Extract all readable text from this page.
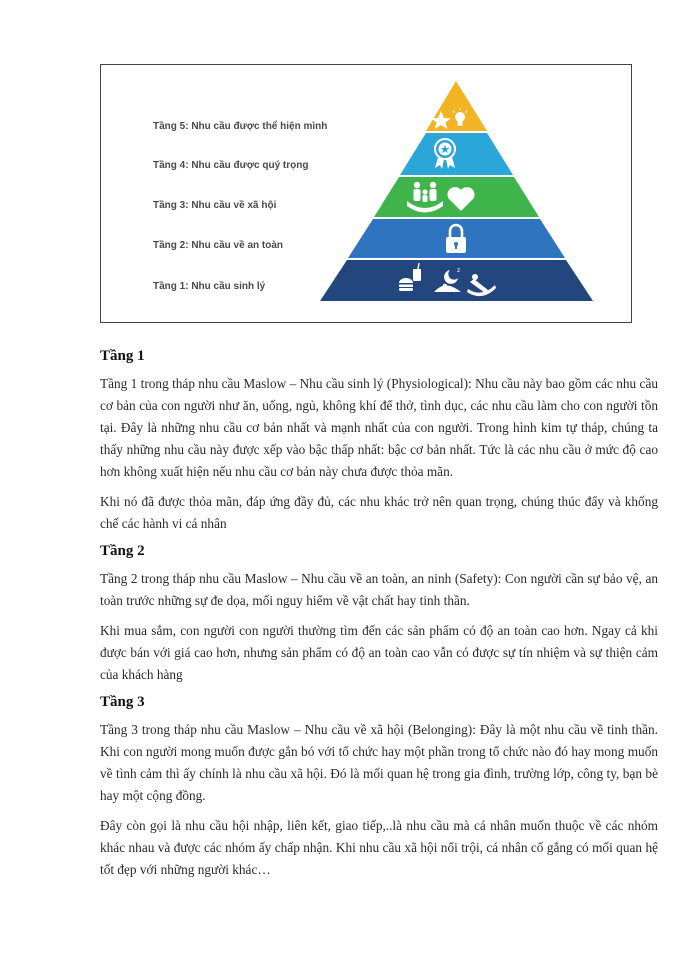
Tầng 5: Nhu cầu được thể hiện mình
Tầng 4: Nhu cầu được quý trọng
Tầng 3: Nhu cầu về xã hội
Tầng 2: Nhu cầu về an toàn
Tầng 1: Nhu cầu sinh lý
z
Tầng 1

Tầng 1 trong tháp nhu cầu Maslow – Nhu cầu sinh lý (Physiological): Nhu cầu này bao gồm các nhu cầu cơ bản của con người như ăn, uống, ngủ, không khí để thở, tình dục, các nhu cầu làm cho con người tồn tại. Đây là những nhu cầu cơ bản nhất và mạnh nhất của con người. Trong hình kim tự tháp, chúng ta thấy những nhu cầu này được xếp vào bậc thấp nhất: bậc cơ bản nhất. Tức là các nhu cầu ở mức độ cao hơn không xuất hiện nếu nhu cầu cơ bản này chưa được thỏa mãn.

Khi nó đã được thỏa mãn, đáp ứng đầy đủ, các nhu khác trở nên quan trọng, chúng thúc đẩy và khống chế các hành vi cá nhân

Tầng 2

Tầng 2 trong tháp nhu cầu Maslow – Nhu cầu về an toàn, an ninh (Safety): Con người cần sự bảo vệ, an toàn trước những sự đe dọa, mối nguy hiểm về vật chất hay tinh thần.

Khi mua sắm, con người con người thường tìm đến các sản phẩm có độ an toàn cao hơn. Ngay cả khi được bán với giá cao hơn, nhưng sản phẩm có độ an toàn cao vẫn có được sự tín nhiệm và sự thiện cảm của khách hàng

Tầng 3

Tầng 3 trong tháp nhu cầu Maslow – Nhu cầu về xã hội (Belonging): Đây là một nhu cầu về tinh thần. Khi con người mong muốn được gắn bó với tổ chức hay một phần trong tổ chức nào đó hay mong muốn về tình cảm thì ấy chính là nhu cầu xã hội. Đó là mối quan hệ trong gia đình, trường lớp, công ty, bạn bè hay một cộng đồng.

Đây còn gọi là nhu cầu hội nhập, liên kết, giao tiếp,..là nhu cầu mà cá nhân muốn thuộc về các nhóm khác nhau và được các nhóm ấy chấp nhận. Khi nhu cầu xã hội nổi trội, cá nhân cố gắng có mối quan hệ tốt đẹp với những người khác…
